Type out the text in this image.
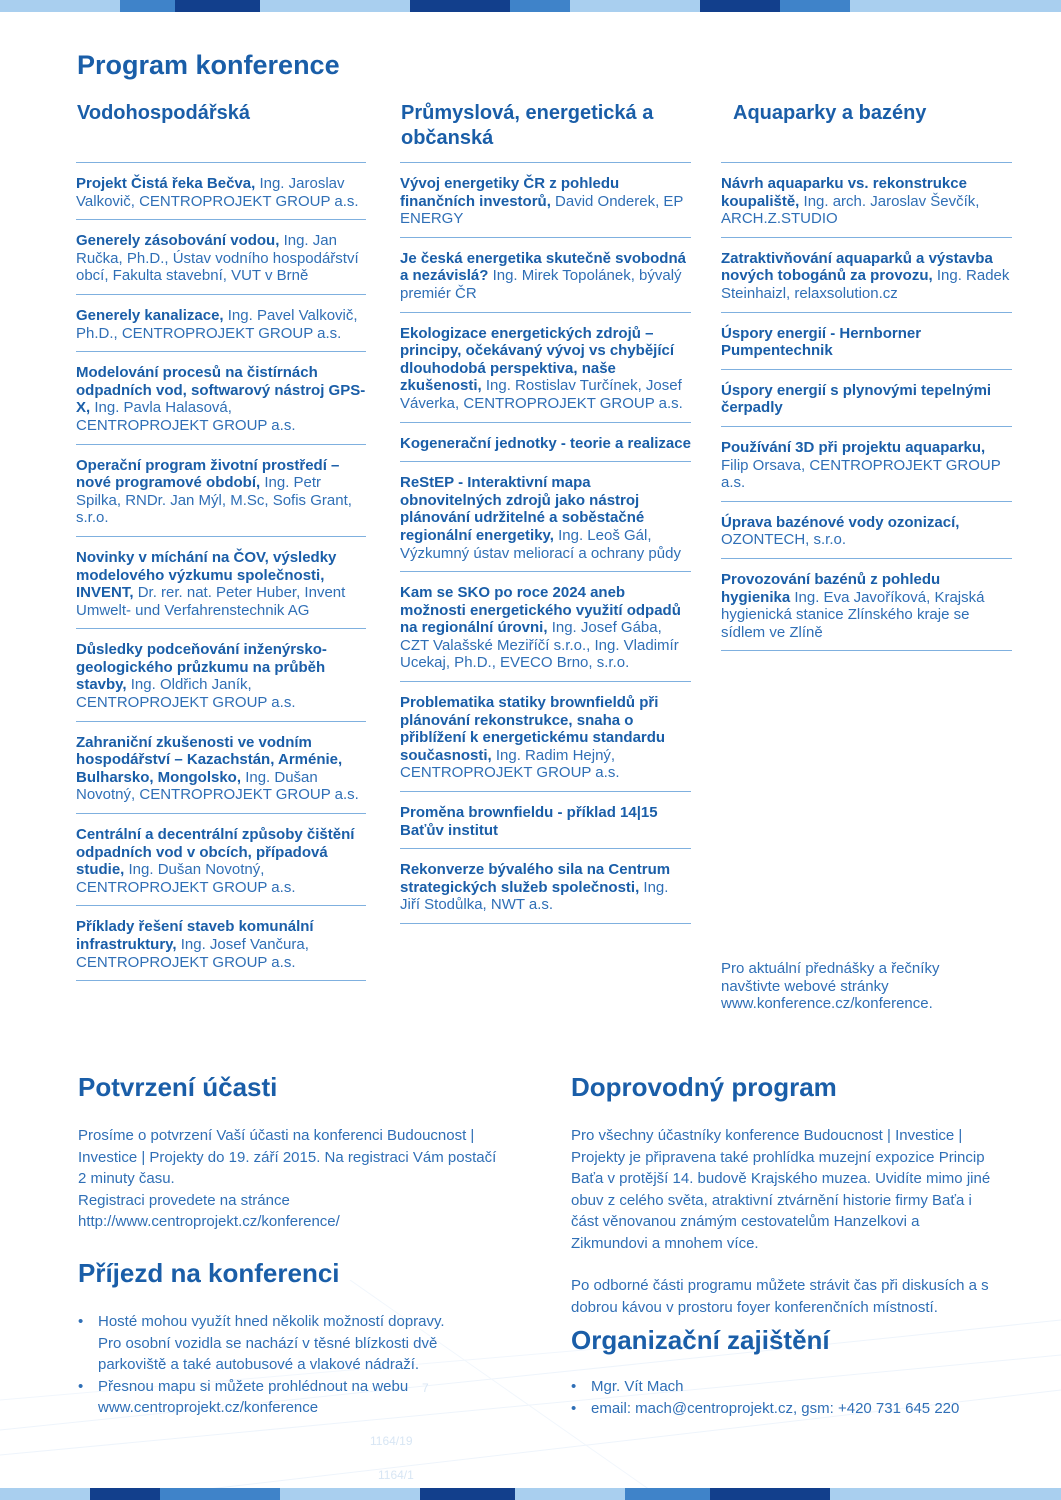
Program konference
Vodohospodářská	Průmyslová, energetická a občanská
Aquaparky a bazény
Projekt Čistá řeka Bečva, Ing. Jaroslav Valkovič, CENTROPROJEKT GROUP a.s.
Generely zásobování vodou, Ing. Jan Ručka, Ph.D., Ústav vodního hospodářství obcí, Fakulta stavební, VUT v Brně
Generely kanalizace, Ing. Pavel Valkovič, Ph.D., CENTROPROJEKT GROUP a.s.
Modelování procesů na čistírnách odpadních vod, softwarový nástroj GPS-X, Ing. Pavla Halasová, CENTROPROJEKT GROUP a.s.
Operační program životní prostředí – nové programové období, Ing. Petr Spilka, RNDr. Jan Mýl, M.Sc, Sofis Grant, s.r.o.
Novinky v míchání na ČOV, výsledky modelového výzkumu společnosti, INVENT, Dr. rer. nat. Peter Huber, Invent Umwelt- und Verfahrenstechnik AG
Důsledky podceňování inženýrsko-geologického průzkumu na průběh stavby, Ing. Oldřich Janík, CENTROPROJEKT GROUP a.s.
Zahraniční zkušenosti ve vodním hospodářství – Kazachstán, Arménie, Bulharsko, Mongolsko, Ing. Dušan Novotný, CENTROPROJEKT GROUP a.s.
Centrální a decentrální způsoby čištění odpadních vod v obcích, případová studie, Ing. Dušan Novotný, CENTROPROJEKT GROUP a.s.
Příklady řešení staveb komunální infrastruktury, Ing. Josef Vančura, CENTROPROJEKT GROUP a.s.
Vývoj energetiky ČR z pohledu finančních investorů, David Onderek, EP ENERGY
Je česká energetika skutečně svobodná a nezávislá? Ing. Mirek Topolánek, bývalý premiér ČR
Ekologizace energetických zdrojů – principy, očekávaný vývoj vs chybějící dlouhodobá perspektiva, naše zkušenosti, Ing. Rostislav Turčínek, Josef Váverka, CENTROPROJEKT GROUP a.s.
Kogenerační jednotky - teorie a realizace
ReStEP - Interaktivní mapa obnovitelných zdrojů jako nástroj plánování udržitelné a soběstačné regionální energetiky, Ing. Leoš Gál, Výzkumný ústav meliorací a ochrany půdy
Kam se SKO po roce 2024 aneb možnosti energetického využití odpadů na regionální úrovni, Ing. Josef Gába, CZT Valašské Meziříčí s.r.o., Ing. Vladimír Ucekaj, Ph.D., EVECO Brno, s.r.o.
Problematika statiky brownfieldů při plánování rekonstrukce, snaha o přiblížení k energetickému standardu současnosti, Ing. Radim Hejný, CENTROPROJEKT GROUP a.s.
Proměna brownfieldu - příklad 14|15 Baťův institut
Rekonverze bývalého sila na Centrum strategických služeb společnosti, Ing. Jiří Stodůlka, NWT a.s.
Návrh aquaparku vs. rekonstrukce koupaliště, Ing. arch. Jaroslav Ševčík, ARCH.Z.STUDIO
Zatraktivňování aquaparků a výstavba nových tobogánů za provozu, Ing. Radek Steinhaizl, relaxsolution.cz
Úspory energií - Hernborner Pumpentechnik
Úspory energií s plynovými tepelnými čerpadly
Používání 3D při projektu aquaparku, Filip Orsava, CENTROPROJEKT GROUP a.s.
Úprava bazénové vody ozonizací, OZONTECH, s.r.o.
Provozování bazénů z pohledu hygienika Ing. Eva Javoříková, Krajská hygienická stanice Zlínského kraje se sídlem ve Zlíně
Pro aktuální přednášky a řečníky navštivte webové stránky www.konference.cz/konference.
Potvrzení účasti
Prosíme o potvrzení Vaší účasti na konferenci Budoucnost | Investice | Projekty do 19. září 2015. Na registraci Vám postačí 2 minuty času.
Registraci provedete na stránce http://www.centroprojekt.cz/konference/
Příjezd na konferenci
• Hosté mohou využít hned několik možností dopravy. Pro osobní vozidla se nachází v těsné blízkosti dvě parkoviště a také autobusové a vlakové nádraží.
• Přesnou mapu si můžete prohlédnout na webu www.centroprojekt.cz/konference
Doprovodný program
Pro všechny účastníky konference Budoucnost | Investice | Projekty je připravena také prohlídka muzejní expozice Princip Baťa v protější 14. budově Krajského muzea. Uvidíte mimo jiné obuv z celého světa, atraktivní ztvárnění historie firmy Baťa i část věnovanou známým cestovatelům Hanzelkovi a Zikmundovi a mnohem více.
Po odborné části programu můžete strávit čas při diskusích a s dobrou kávou v prostoru foyer konferenčních místností.
Organizační zajištění
• Mgr. Vít Mach
• email: mach@centroprojekt.cz, gsm: +420 731 645 220
1164/19
1164/1
7
